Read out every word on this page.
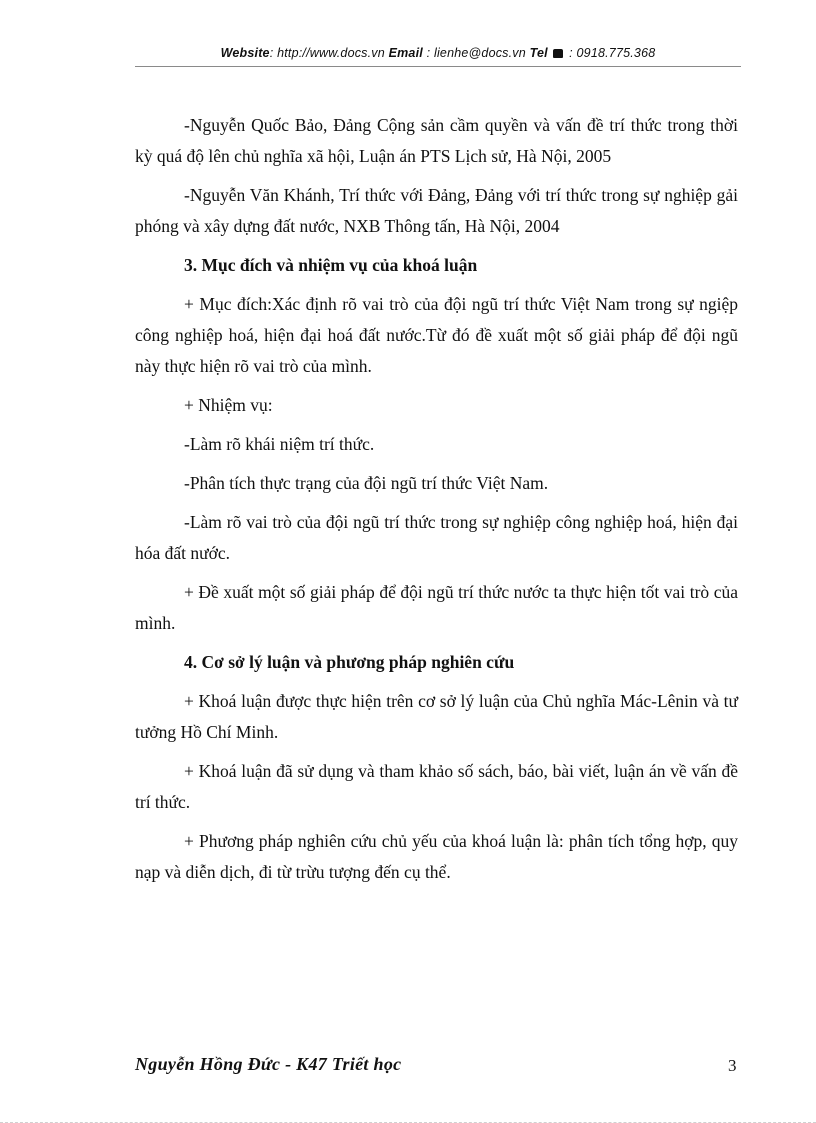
Website: http://www.docs.vn Email : lienhe@docs.vn Tel  : 0918.775.368

-Nguyễn Quốc Bảo, Đảng Cộng sản cầm quyền và vấn đề trí thức trong thời kỳ quá độ lên chủ nghĩa xã hội, Luận án PTS Lịch sử, Hà Nội, 2005

-Nguyễn Văn Khánh, Trí thức với Đảng, Đảng với trí thức trong sự nghiệp gải phóng và xây dựng đất nước, NXB Thông tấn, Hà Nội, 2004

3. Mục đích và nhiệm vụ của khoá luận

+ Mục đích:Xác định rõ vai trò của đội ngũ trí thức Việt Nam trong sự ngiệp công nghiệp hoá, hiện đại hoá đất nước.Từ đó đề xuất một số giải pháp để đội ngũ này thực hiện rõ vai trò của mình.

+ Nhiệm vụ:

-Làm rõ khái niệm trí thức.

-Phân tích thực trạng của đội ngũ trí thức Việt Nam.

-Làm rõ vai trò của đội ngũ trí thức trong sự nghiệp công nghiệp hoá, hiện đại hóa đất nước.

+ Đề xuất một số giải pháp để đội ngũ trí thức nước ta thực hiện tốt vai trò của mình.

4. Cơ sở lý luận và phương pháp nghiên cứu

+ Khoá luận được thực hiện trên cơ sở lý luận của Chủ nghĩa Mác-Lênin và tư tưởng Hồ Chí Minh.

+ Khoá luận đã sử dụng và tham khảo số sách, báo, bài viết, luận án về vấn đề trí thức.

+ Phương pháp nghiên cứu chủ yếu của khoá luận là: phân tích tổng hợp, quy nạp và diễn dịch, đi từ trừu tượng đến cụ thể.

Nguyễn Hồng Đức - K47 Triết học	3
